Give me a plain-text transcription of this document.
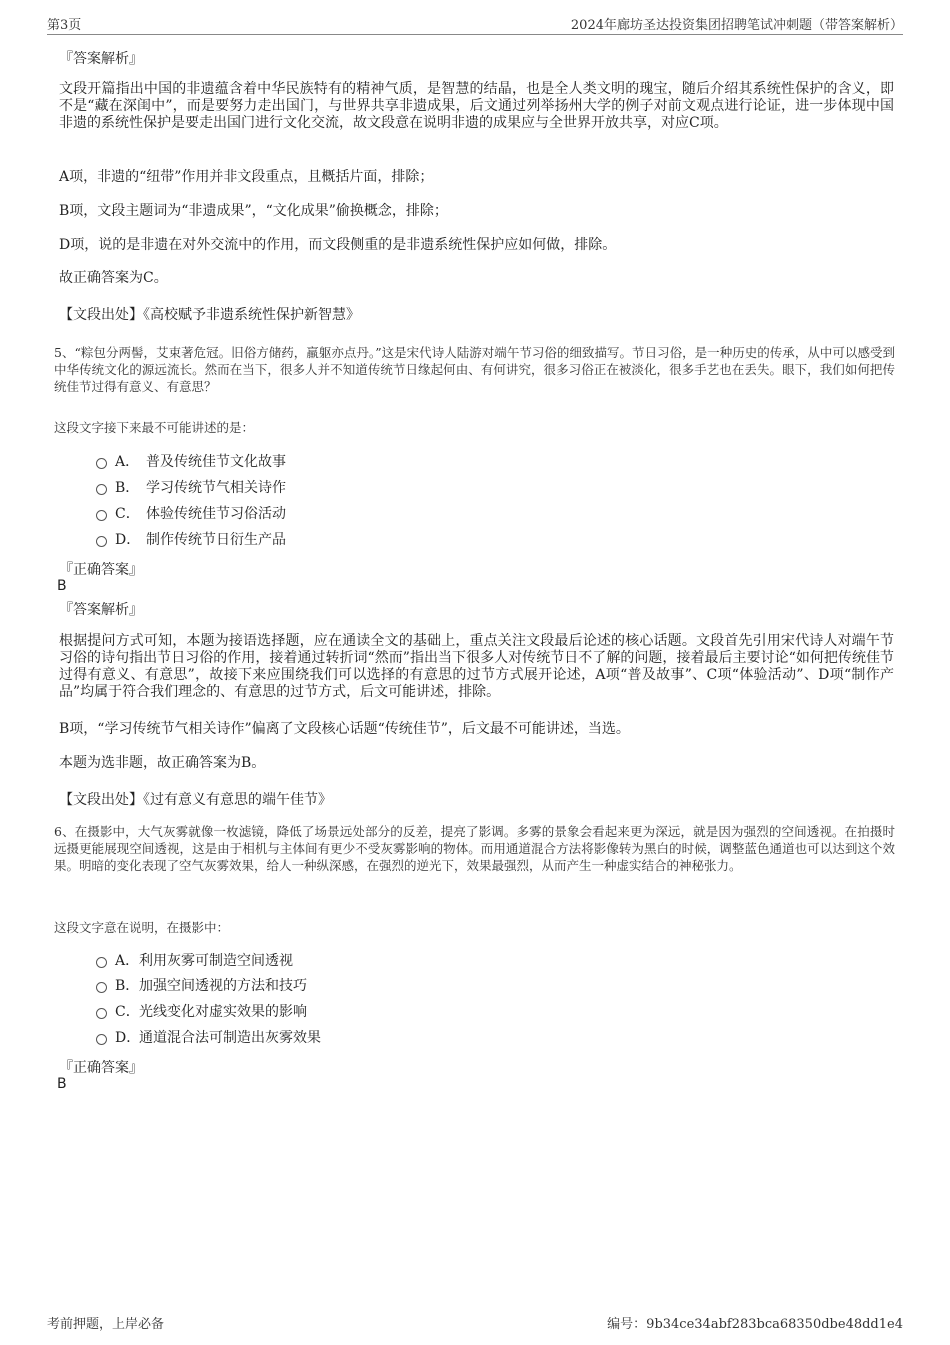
第3页	2024年廊坊圣达投资集团招聘笔试冲刺题（带答案解析）
『答案解析』

文段开篇指出中国的非遗蕴含着中华民族特有的精神气质，是智慧的结晶，也是全人类文明的瑰宝，随后介绍其系统性保护的含义，即不是“藏在深闺中”，而是要努力走出国门，与世界共享非遗成果，后文通过列举扬州大学的例子对前文观点进行论证，进一步体现中国非遗的系统性保护是要走出国门进行文化交流，故文段意在说明非遗的成果应与全世界开放共享，对应C项。

A项，非遗的“纽带”作用并非文段重点，且概括片面，排除；

B项，文段主题词为“非遗成果”，“文化成果”偷换概念，排除；

D项，说的是非遗在对外交流中的作用，而文段侧重的是非遗系统性保护应如何做，排除。

故正确答案为C。

【文段出处】《高校赋予非遗系统性保护新智慧》

5、“粽包分两髻，艾束著危冠。旧俗方储药，羸躯亦点丹。”这是宋代诗人陆游对端午节习俗的细致描写。节日习俗，是一种历史的传承，从中可以感受到中华传统文化的源远流长。然而在当下，很多人并不知道传统节日缘起何由、有何讲究，很多习俗正在被淡化，很多手艺也在丢失。眼下，我们如何把传统佳节过得有意义、有意思？

这段文字接下来最不可能讲述的是：
A． 普及传统佳节文化故事
B． 学习传统节气相关诗作
C． 体验传统佳节习俗活动
D． 制作传统节日衍生产品
『正确答案』
B
『答案解析』

根据提问方式可知，本题为接语选择题，应在通读全文的基础上，重点关注文段最后论述的核心话题。文段首先引用宋代诗人对端午节习俗的诗句指出节日习俗的作用，接着通过转折词“然而”指出当下很多人对传统节日不了解的问题，接着最后主要讨论“如何把传统佳节过得有意义、有意思”，故接下来应围绕我们可以选择的有意思的过节方式展开论述，A项“普及故事”、C项“体验活动”、D项“制作产品”均属于符合我们理念的、有意思的过节方式，后文可能讲述，排除。

B项，“学习传统节气相关诗作”偏离了文段核心话题“传统佳节”，后文最不可能讲述，当选。

本题为选非题，故正确答案为B。

【文段出处】《过有意义有意思的端午佳节》

6、在摄影中，大气灰雾就像一枚滤镜，降低了场景远处部分的反差，提亮了影调。多雾的景象会看起来更为深远，就是因为强烈的空间透视。在拍摄时远摄更能展现空间透视，这是由于相机与主体间有更少不受灰雾影响的物体。而用通道混合方法将影像转为黑白的时候，调整蓝色通道也可以达到这个效果。明暗的变化表现了空气灰雾效果，给人一种纵深感，在强烈的逆光下，效果最强烈，从而产生一种虚实结合的神秘张力。

这段文字意在说明，在摄影中：
A．利用灰雾可制造空间透视
B．加强空间透视的方法和技巧
C．光线变化对虚实效果的影响
D．通道混合法可制造出灰雾效果
『正确答案』
B
考前押题，上岸必备	编号：9b34ce34abf283bca68350dbe48dd1e4
